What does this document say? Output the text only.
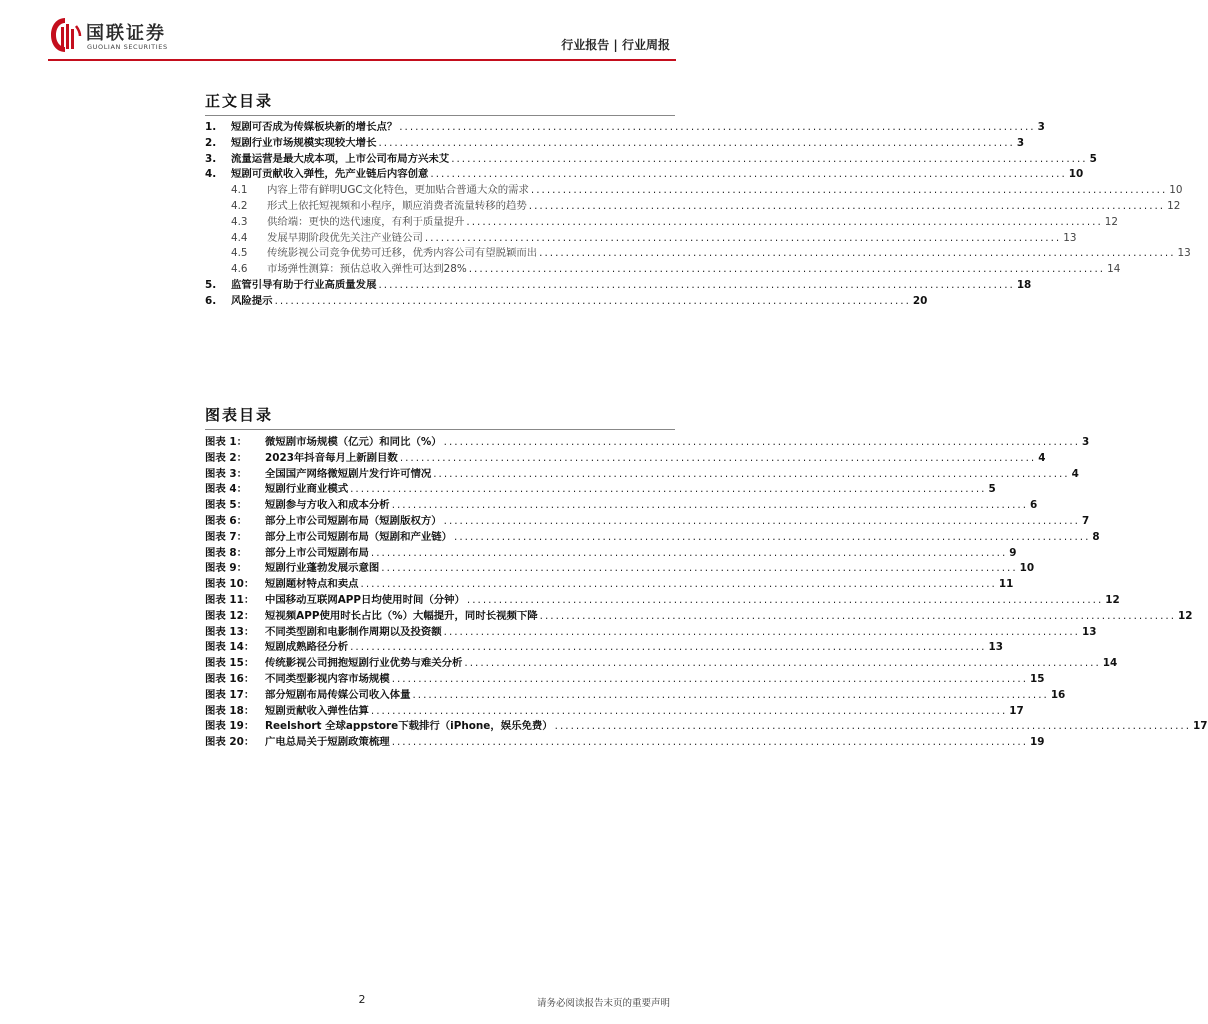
国联证券
GUOLIAN SECURITIES	行业报告 | 行业周报
正文目录
1.	短剧可否成为传媒板块新的增长点？ ........................................................................................................................ 3
2.	短剧行业市场规模实现较大增长 ........................................................................................................................ 3
3.	流量运营是最大成本项，上市公司布局方兴未艾 ........................................................................................................................ 5
4.	短剧可贡献收入弹性，先产业链后内容创意 ........................................................................................................................ 10
4.1	内容上带有鲜明UGC文化特色，更加贴合普通大众的需求 ........................................................................................................................ 10
4.2	形式上依托短视频和小程序，顺应消费者流量转移的趋势 ........................................................................................................................ 12
4.3	供给端：更快的迭代速度，有利于质量提升 ........................................................................................................................ 12
4.4	发展早期阶段优先关注产业链公司 ........................................................................................................................ 13
4.5	传统影视公司竞争优势可迁移，优秀内容公司有望脱颖而出 ........................................................................................................................ 13
4.6	市场弹性测算：预估总收入弹性可达到28% ........................................................................................................................ 14
5.	监管引导有助于行业高质量发展 ........................................................................................................................ 18
6.	风险提示 ........................................................................................................................ 20
图表目录
图表 1：	微短剧市场规模（亿元）和同比（%） ........................................................................................................................ 3
图表 2：	2023年抖音每月上新剧目数 ........................................................................................................................ 4
图表 3：	全国国产网络微短剧片发行许可情况 ........................................................................................................................ 4
图表 4：	短剧行业商业模式 ........................................................................................................................ 5
图表 5：	短剧参与方收入和成本分析 ........................................................................................................................ 6
图表 6：	部分上市公司短剧布局（短剧版权方） ........................................................................................................................ 7
图表 7：	部分上市公司短剧布局（短剧和产业链） ........................................................................................................................ 8
图表 8：	部分上市公司短剧布局 ........................................................................................................................ 9
图表 9：	短剧行业蓬勃发展示意图 ........................................................................................................................ 10
图表 10：	短剧题材特点和卖点 ........................................................................................................................ 11
图表 11：	中国移动互联网APP日均使用时间（分钟） ........................................................................................................................ 12
图表 12：	短视频APP使用时长占比（%）大幅提升，同时长视频下降 ........................................................................................................................ 12
图表 13：	不同类型剧和电影制作周期以及投资额 ........................................................................................................................ 13
图表 14：	短剧成熟路径分析 ........................................................................................................................ 13
图表 15：	传统影视公司拥抱短剧行业优势与难关分析 ........................................................................................................................ 14
图表 16：	不同类型影视内容市场规模 ........................................................................................................................ 15
图表 17：	部分短剧布局传媒公司收入体量 ........................................................................................................................ 16
图表 18：	短剧贡献收入弹性估算 ........................................................................................................................ 17
图表 19：	Reelshort 全球appstore下载排行（iPhone，娱乐免费） ........................................................................................................................ 17
图表 20：	广电总局关于短剧政策梳理 ........................................................................................................................ 19
2	请务必阅读报告末页的重要声明
